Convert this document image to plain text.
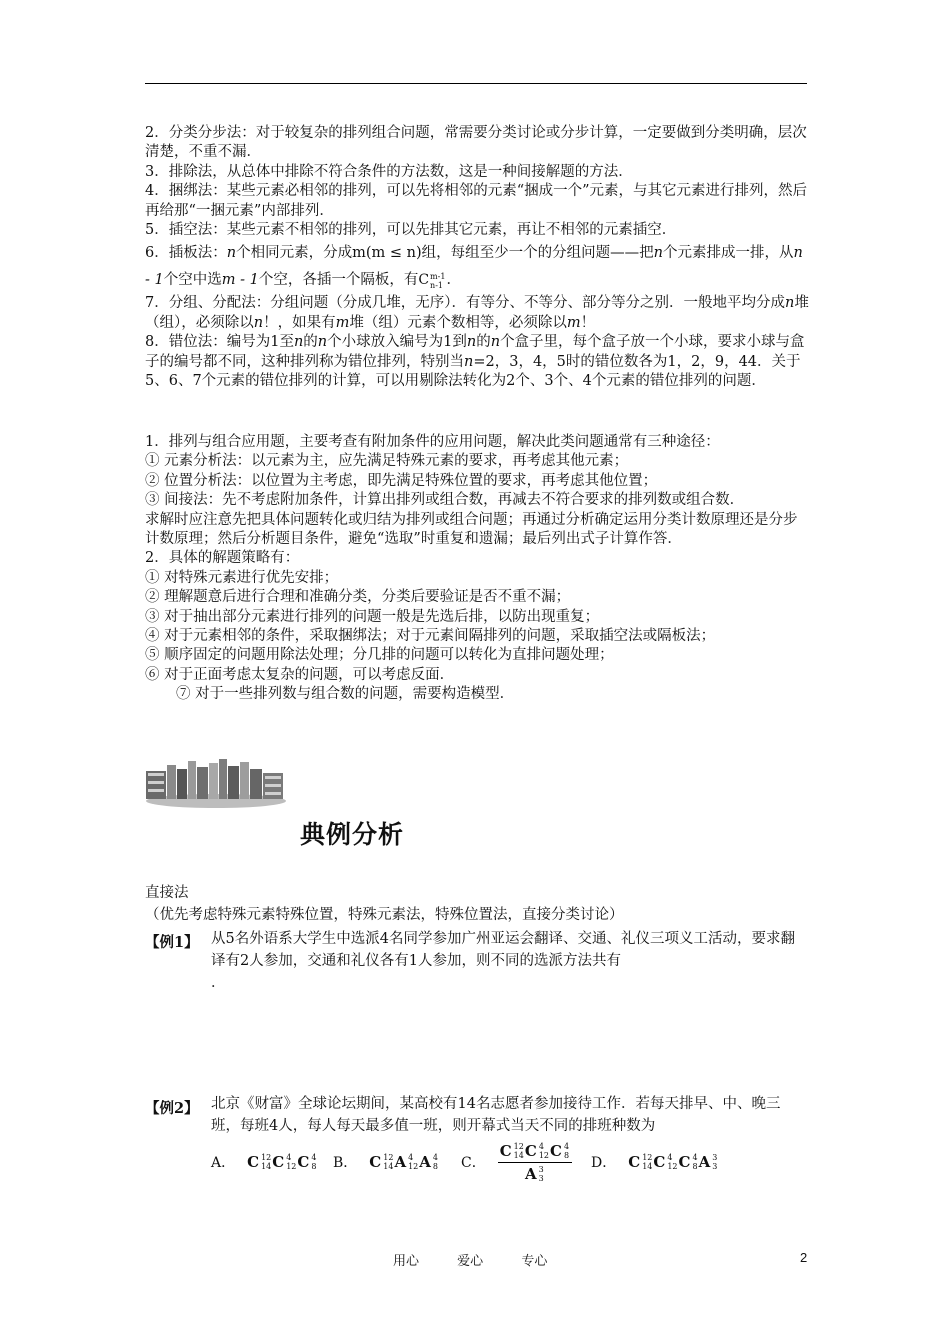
2．分类分步法：对于较复杂的排列组合问题，常需要分类讨论或分步计算，一定要做到分类明确，层次清楚，不重不漏．

3．排除法，从总体中排除不符合条件的方法数，这是一种间接解题的方法．

4．捆绑法：某些元素必相邻的排列，可以先将相邻的元素“捆成一个”元素，与其它元素进行排列，然后再给那“一捆元素”内部排列．

5．插空法：某些元素不相邻的排列，可以先排其它元素，再让不相邻的元素插空．

6．插板法：n个相同元素，分成m(m ≤ n)组，每组至少一个的分组问题——把n个元素排成一排，从n - 1个空中选m - 1个空，各插一个隔板，有 C m-1
n-1 ．

7．分组、分配法：分组问题（分成几堆，无序）．有等分、不等分、部分等分之别．一般地平均分成n堆（组），必须除以n！，如果有m堆（组）元素个数相等，必须除以m！

8．错位法：编号为1至n的n个小球放入编号为1到n的n个盒子里，每个盒子放一个小球，要求小球与盒子的编号都不同，这种排列称为错位排列，特别当n=2，3，4，5时的错位数各为1，2，9，44．关于5、6、7个元素的错位排列的计算，可以用剔除法转化为2个、3个、4个元素的错位排列的问题．

1．排列与组合应用题，主要考查有附加条件的应用问题，解决此类问题通常有三种途径：

① 元素分析法：以元素为主，应先满足特殊元素的要求，再考虑其他元素；

② 位置分析法：以位置为主考虑，即先满足特殊位置的要求，再考虑其他位置；

③ 间接法：先不考虑附加条件，计算出排列或组合数，再减去不符合要求的排列数或组合数．

求解时应注意先把具体问题转化或归结为排列或组合问题；再通过分析确定运用分类计数原理还是分步计数原理；然后分析题目条件，避免“选取”时重复和遗漏；最后列出式子计算作答．

2．具体的解题策略有：

① 对特殊元素进行优先安排；

② 理解题意后进行合理和准确分类，分类后要验证是否不重不漏；

③ 对于抽出部分元素进行排列的问题一般是先选后排，以防出现重复；

④ 对于元素相邻的条件，采取捆绑法；对于元素间隔排列的问题，采取插空法或隔板法；

⑤ 顺序固定的问题用除法处理；分几排的问题可以转化为直排问题处理；

⑥ 对于正面考虑太复杂的问题，可以考虑反面．

⑦ 对于一些排列数与组合数的问题，需要构造模型．

典例分析

直接法

（优先考虑特殊元素特殊位置，特殊元素法，特殊位置法，直接分类讨论）

【例1】 从5名外语系大学生中选派4名同学参加广州亚运会翻译、交通、礼仪三项义工活动，要求翻译有2人参加，交通和礼仪各有1人参加，则不同的选派方法共有
．
【例2】 北京《财富》全球论坛期间，某高校有14名志愿者参加接待工作．若每天排早、中、晚三班，每班4人，每人每天最多值一班，则开幕式当天不同的排班种数为
A． C 12
14 C 4
12 C 4
8 B． C 12
14 A 4
12 A 4
8 C． C 12
14 C 4
12 C 4
8
A 3
3 D． C 12
14 C 4
12 C 4
8 A 3
3
用心	爱心	专心	2
